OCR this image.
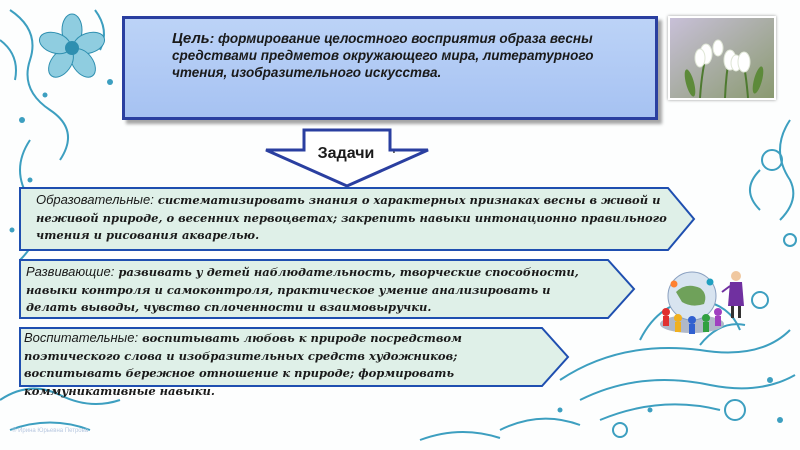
Цель: формирование целостного восприятия образа весны средствами предметов окружающего мира, литературного чтения, изобразительного искусства.
Задачи	.
Образовательные: систематизировать знания о характерных признаках весны в живой и неживой природе, о весенних первоцветах; закрепить навыки интонационно правильного чтения и рисования акварелью.
Развивающие: развивать у детей наблюдательность, творческие способности, навыки контроля и самоконтроля, практическое умение анализировать и делать выводы, чувство сплоченности и взаимовыручки.
Воспитательные: воспитывать любовь к природе посредством поэтического слова и изобразительных средств художников; воспитывать бережное отношение к природе; формировать коммуникативные навыки.
© Ирина Юрьевна Петрова
